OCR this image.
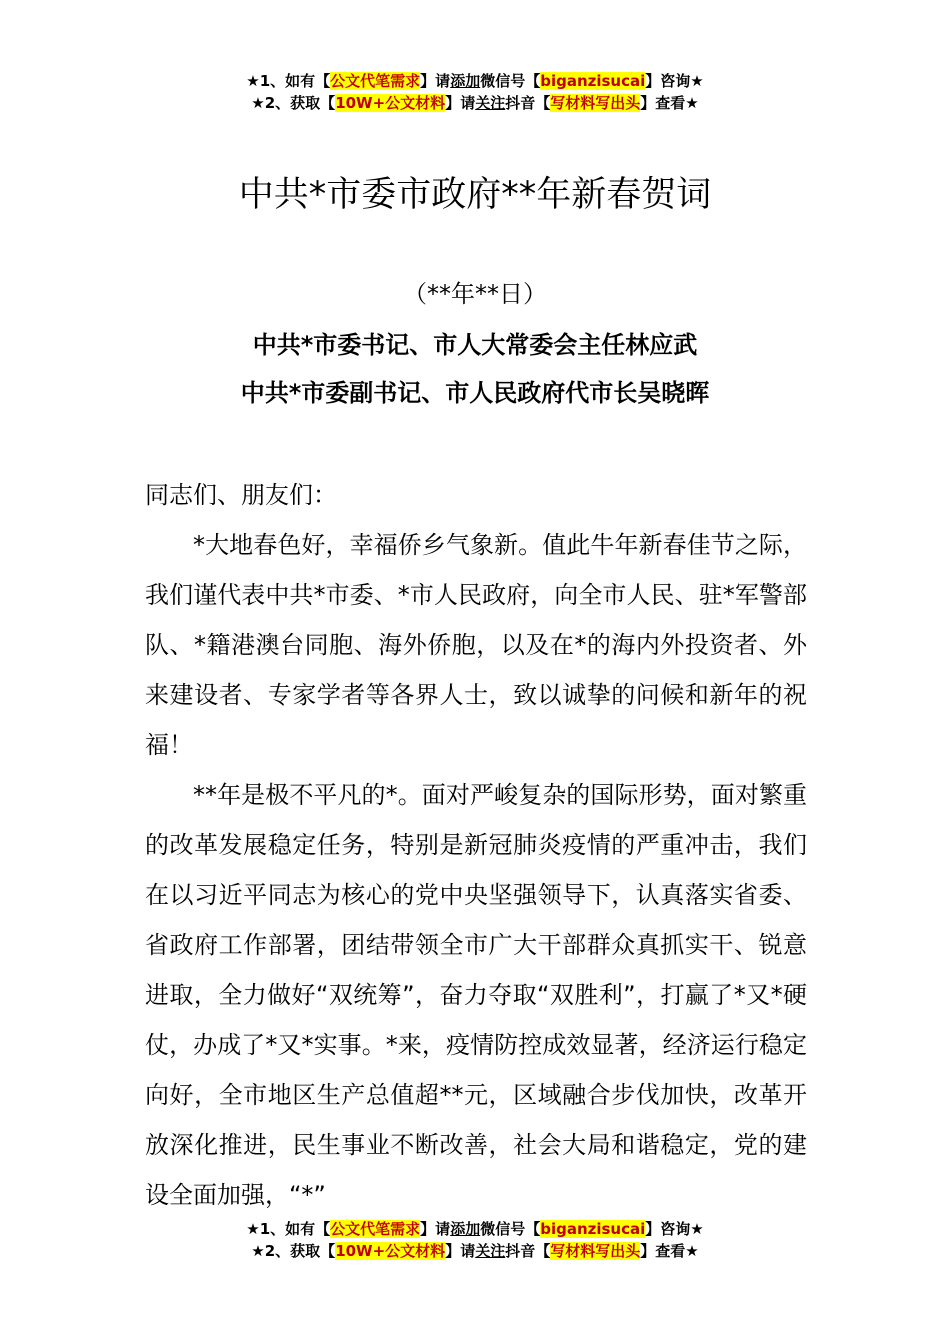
★1、如有【公文代笔需求】请添加微信号【biganzisucai】咨询★
★2、获取【10W+公文材料】请关注抖音【写材料写出头】查看★
中共*市委市政府**年新春贺词
（**年**日）
中共*市委书记、市人大常委会主任林应武
中共*市委副书记、市人民政府代市长吴晓晖

同志们、朋友们：

*大地春色好，幸福侨乡气象新。值此牛年新春佳节之际，我们谨代表中共*市委、*市人民政府，向全市人民、驻*军警部队、*籍港澳台同胞、海外侨胞，以及在*的海内外投资者、外来建设者、专家学者等各界人士，致以诚挚的问候和新年的祝福！

**年是极不平凡的*。面对严峻复杂的国际形势，面对繁重的改革发展稳定任务，特别是新冠肺炎疫情的严重冲击，我们在以习近平同志为核心的党中央坚强领导下，认真落实省委、省政府工作部署，团结带领全市广大干部群众真抓实干、锐意进取，全力做好“双统筹”，奋力夺取“双胜利”，打赢了*又*硬仗，办成了*又*实事。*来，疫情防控成效显著，经济运行稳定向好，全市地区生产总值超**元，区域融合步伐加快，改革开放深化推进，民生事业不断改善，社会大局和谐稳定，党的建设全面加强，“*”

★1、如有【公文代笔需求】请添加微信号【biganzisucai】咨询★
★2、获取【10W+公文材料】请关注抖音【写材料写出头】查看★
